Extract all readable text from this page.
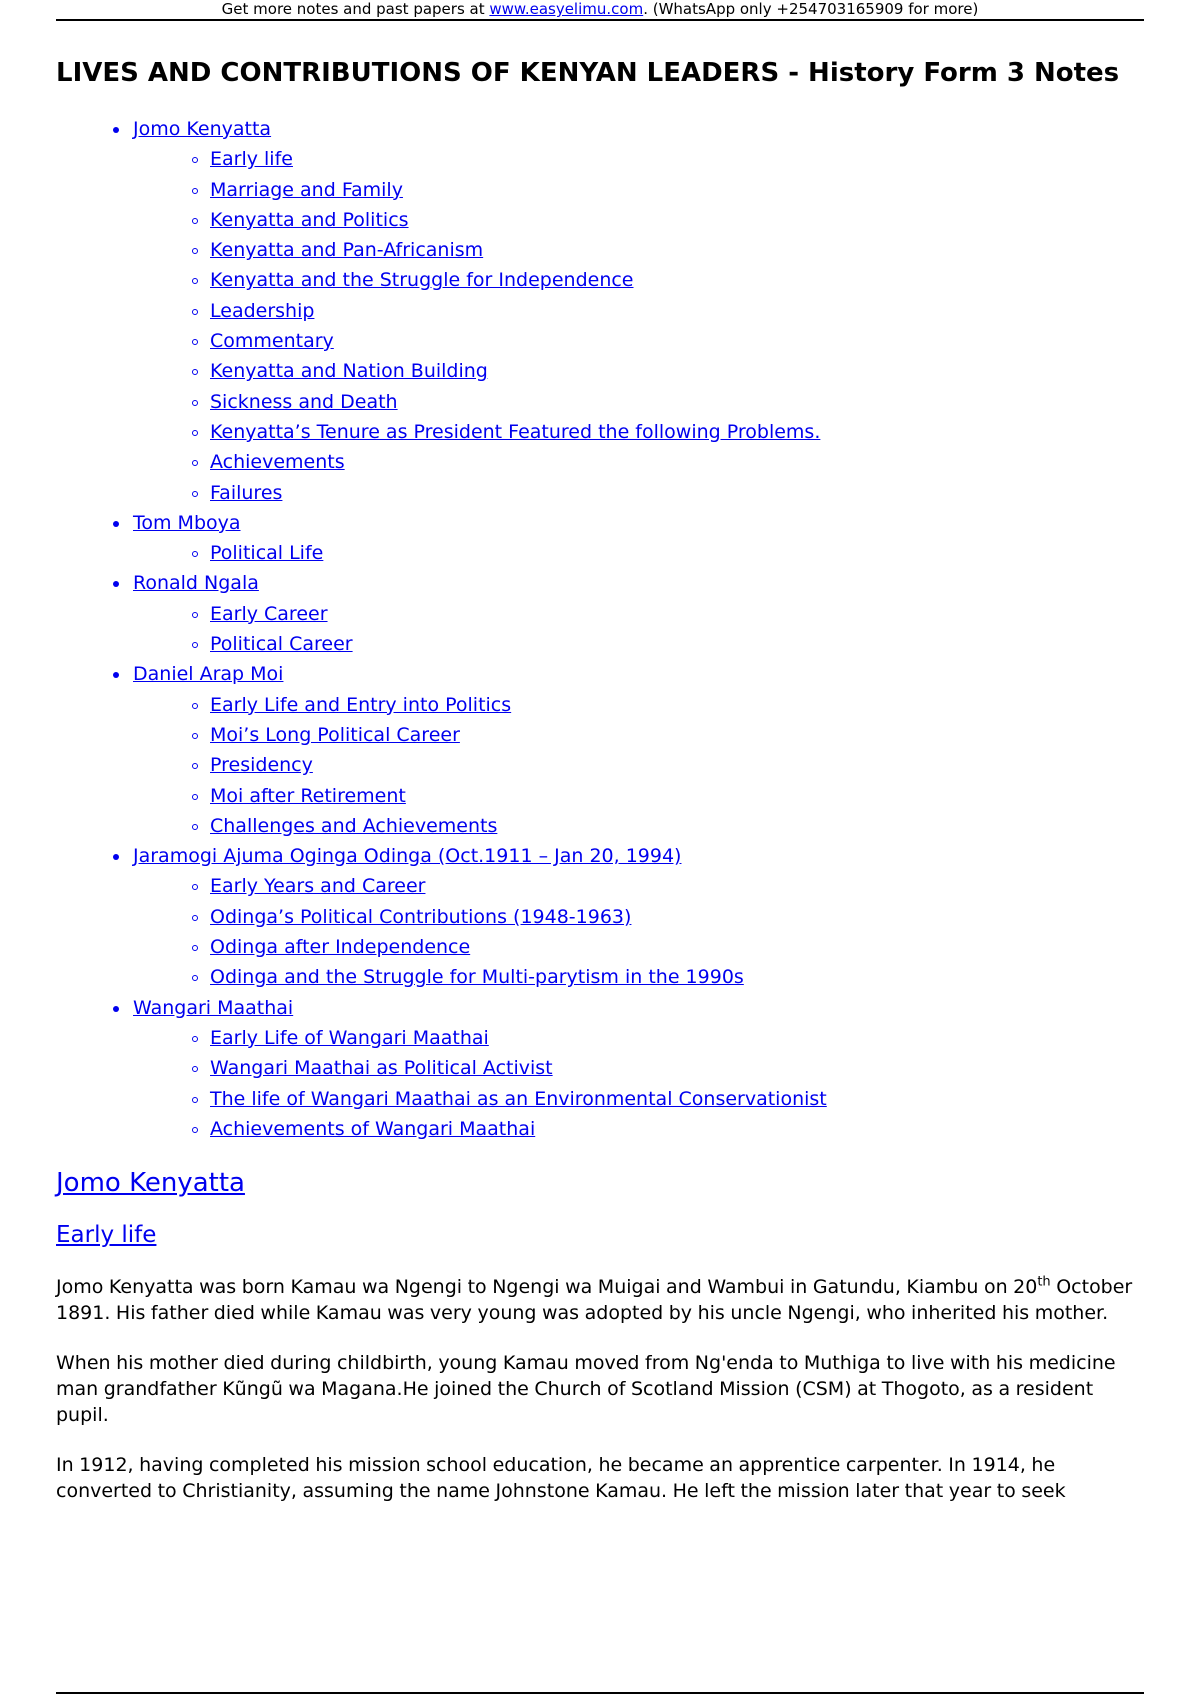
Get more notes and past papers at www.easyelimu.com. (WhatsApp only +254703165909 for more)
LIVES AND CONTRIBUTIONS OF KENYAN LEADERS - History Form 3 Notes
Jomo Kenyatta
Early life
Marriage and Family
Kenyatta and Politics
Kenyatta and Pan-Africanism
Kenyatta and the Struggle for Independence
Leadership
Commentary
Kenyatta and Nation Building
Sickness and Death
Kenyatta’s Tenure as President Featured the following Problems.
Achievements
Failures
Tom Mboya
Political Life
Ronald Ngala
Early Career
Political Career
Daniel Arap Moi
Early Life and Entry into Politics
Moi’s Long Political Career
Presidency
Moi after Retirement
Challenges and Achievements
Jaramogi Ajuma Oginga Odinga (Oct.1911 – Jan 20, 1994)
Early Years and Career
Odinga’s Political Contributions (1948-1963)
Odinga after Independence
Odinga and the Struggle for Multi-parytism in the 1990s
Wangari Maathai
Early Life of Wangari Maathai
Wangari Maathai as Political Activist
The life of Wangari Maathai as an Environmental Conservationist
Achievements of Wangari Maathai
Jomo Kenyatta
Early life

Jomo Kenyatta was born Kamau wa Ngengi to Ngengi wa Muigai and Wambui in Gatundu, Kiambu on 20th October 1891. His father died while Kamau was very young was adopted by his uncle Ngengi, who inherited his mother.

When his mother died during childbirth, young Kamau moved from Ng'enda to Muthiga to live with his medicine man grandfather Kũngũ wa Magana.He joined the Church of Scotland Mission (CSM) at Thogoto, as a resident pupil.

In 1912, having completed his mission school education, he became an apprentice carpenter. In 1914, he converted to Christianity, assuming the name Johnstone Kamau. He left the mission later that year to seek
